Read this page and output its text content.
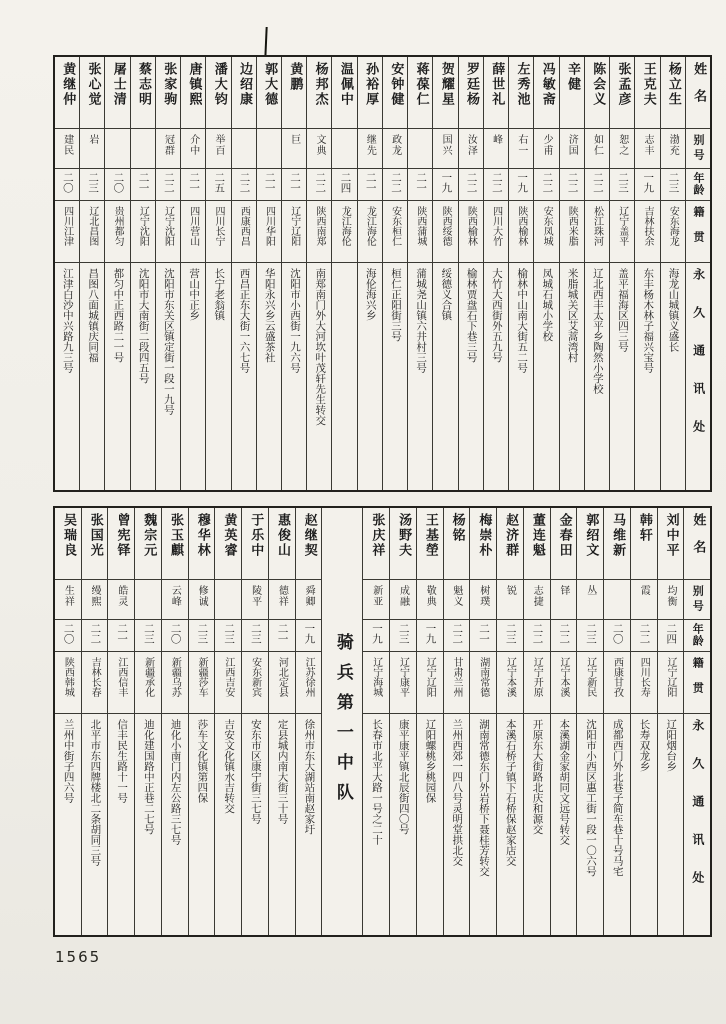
姓名
别号
年龄
籍贯
永久通讯处
杨立生
渤充
二三
安东海龙
海龙山城镇义盛长
王克夫
志丰
一九
吉林扶余
东丰杨木林子福兴宝号
张孟彦
恕之
二三
辽宁盖平
盖平福海区四三号
陈会义
如仁
二二
松江珠河
辽北西丰太平乡陶然小学校
辛健
济国
二二
陕西米脂
米脂城关区艾蒿湾村
冯敏斋
少甫
二二
安东凤城
凤城石城小学校
左秀池
右一
一九
陕西榆林
榆林中山南大街五二号
薛世礼
峰
二二
四川大竹
大竹大西街外五九号
罗廷杨
汝泽
二二
陕西榆林
榆林贾盘石下巷三号
贺耀星
国兴
一九
陕西绥德
绥德义合镇
蒋葆仁
二一
陕西蒲城
蒲城尧山镇六井村三号
安钟健
政龙
二二
安东桓仁
桓仁正阳街三号
孙裕厚
继先
二一
龙江海伦
海伦海兴乡
温佩中
二四
龙江海伦
杨邦杰
文典
二二
陕西南郑
南郑南门外大河坎叶茂轩先生转交
黄鹏
巨
二一
辽宁辽阳
沈阳市小西街一九六号
郭大德
二一
四川华阳
华阳永兴乡云盛茶社
边绍康
二二
西康西昌
西昌正东大街一六七号
潘大钧
举百
二五
四川长宁
长宁老翁镇
唐镇熙
介中
二一
四川营山
营山中正乡
张家驹
冠群
二二
辽宁沈阳
沈阳市东关区镇定街一段一九号
蔡志明
二一
辽宁沈阳
沈阳市大南街二段四五号
屠士清
二〇
贵州都匀
都匀中正西路二一号
张心觉
岩
二三
辽北昌图
昌图八面城镇庆同福
黄继仲
建民
二〇
四川江津
江津白沙中兴路九三号
姓名
别号
年龄
籍贯
永久通讯处
刘中平
均衡
二四
辽宁辽阳
辽阳烟台乡
韩轩
霞
二二
四川长寿
长寿双龙乡
马维新
二〇
西康甘孜
成都西门外北巷子简车巷十号马宅
郭绍文
丛
二三
辽宁新民
沈阳市小西区惠工街一段一〇六号
金春田
铎
二二
辽宁本溪
本溪湖金家胡同文远号转交
董连魁
志捷
二二
辽宁开原
开原东大街路北庆和源交
赵济群
锐
二三
辽宁本溪
本溪石桥子镇下石桥保赵家店交
梅崇朴
树璞
二一
湖南常德
湖南常德东门外岩桥下聂桂芳转交
杨铭
魁义
二二
甘肃兰州
兰州西郊一四八号灵明堂拱北交
王基塋
敬典
一九
辽宁辽阳
辽阳螺桃乡桃园保
汤野夫
成融
二三
辽宁康平
康平康平镇北辰街四〇号
张庆祥
新亚
一九
辽宁海城
长春市北平大路一号之二十
骑兵第一中队
赵继契
舜卿
一九
江苏徐州
徐州市东大湖站南赵家圩
惠俊山
德祥
二一
河北定县
定县城内南大街三十号
于乐中
陵平
二三
安东新宾
安东市区康宁街三七号
黄英睿
二三
江西吉安
吉安文化镇水吉转交
穆华林
修诚
二三
新疆莎车
莎车文化镇第四保
张玉麒
云峰
二〇
新疆乌苏
迪化小南门内左公路三七号
魏宗元
二三
新疆承化
迪化建国路中正巷二七号
曾宪铎
皓灵
二一
江西信丰
信丰民生路十一号
张国光
缦熙
二二
吉林长春
北平市东四牌楼北二条胡同三号
吴瑞良
生祥
二〇
陕西韩城
兰州中街子四六号
1565
